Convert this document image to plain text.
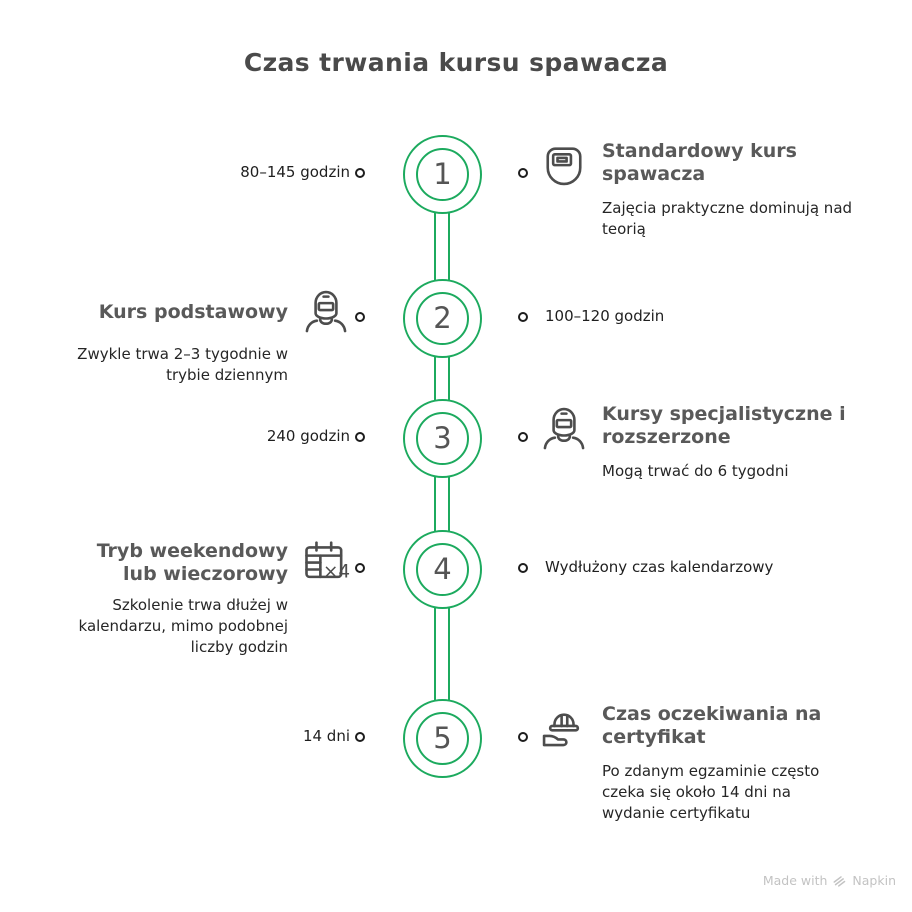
Czas trwania kursu spawacza
1
2
3
4
5
80–145 godzin

Standardowy kurs spawacza

Zajęcia praktyczne dominują nad teorią

Kurs podstawowy

Zwykle trwa 2–3 tygodnie w trybie dziennym

100–120 godzin
240 godzin

Kursy specjalistyczne i rozszerzone

Mogą trwać do 6 tygodni

Tryb weekendowy lub wieczorowy	×4

Szkolenie trwa dłużej w kalendarzu, mimo podobnej liczby godzin

Wydłużony czas kalendarzowy
14 dni

Czas oczekiwania na certyfikat

Po zdanym egzaminie często czeka się około 14 dni na wydanie certyfikatu

Made with Napkin
